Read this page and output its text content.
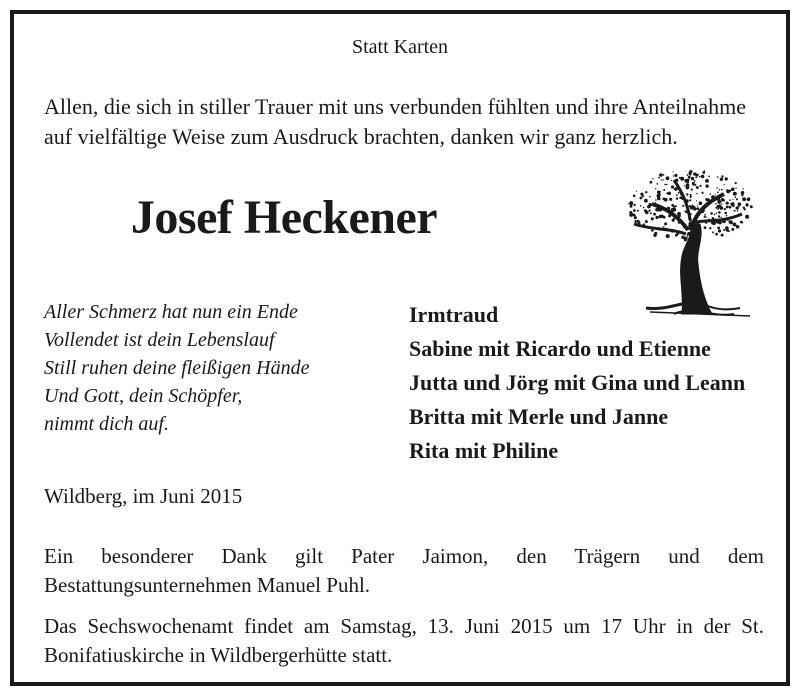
Statt Karten
Allen, die sich in stiller Trauer mit uns verbunden fühlten und ihre Anteilnahme auf vielfältige Weise zum Ausdruck brachten, danken wir ganz herzlich.
Josef Heckener
Aller Schmerz hat nun ein Ende
Vollendet ist dein Lebenslauf
Still ruhen deine fleißigen Hände
Und Gott, dein Schöpfer,
nimmt dich auf.
Irmtraud
Sabine mit Ricardo und Etienne
Jutta und Jörg mit Gina und Leann
Britta mit Merle und Janne
Rita mit Philine
Wildberg, im Juni 2015
Ein besonderer Dank gilt Pater Jaimon, den Trägern und dem Bestattungsunternehmen Manuel Puhl.
Das Sechswochenamt findet am Samstag, 13. Juni 2015 um 17 Uhr in der St. Bonifatiuskirche in Wildbergerhütte statt.
